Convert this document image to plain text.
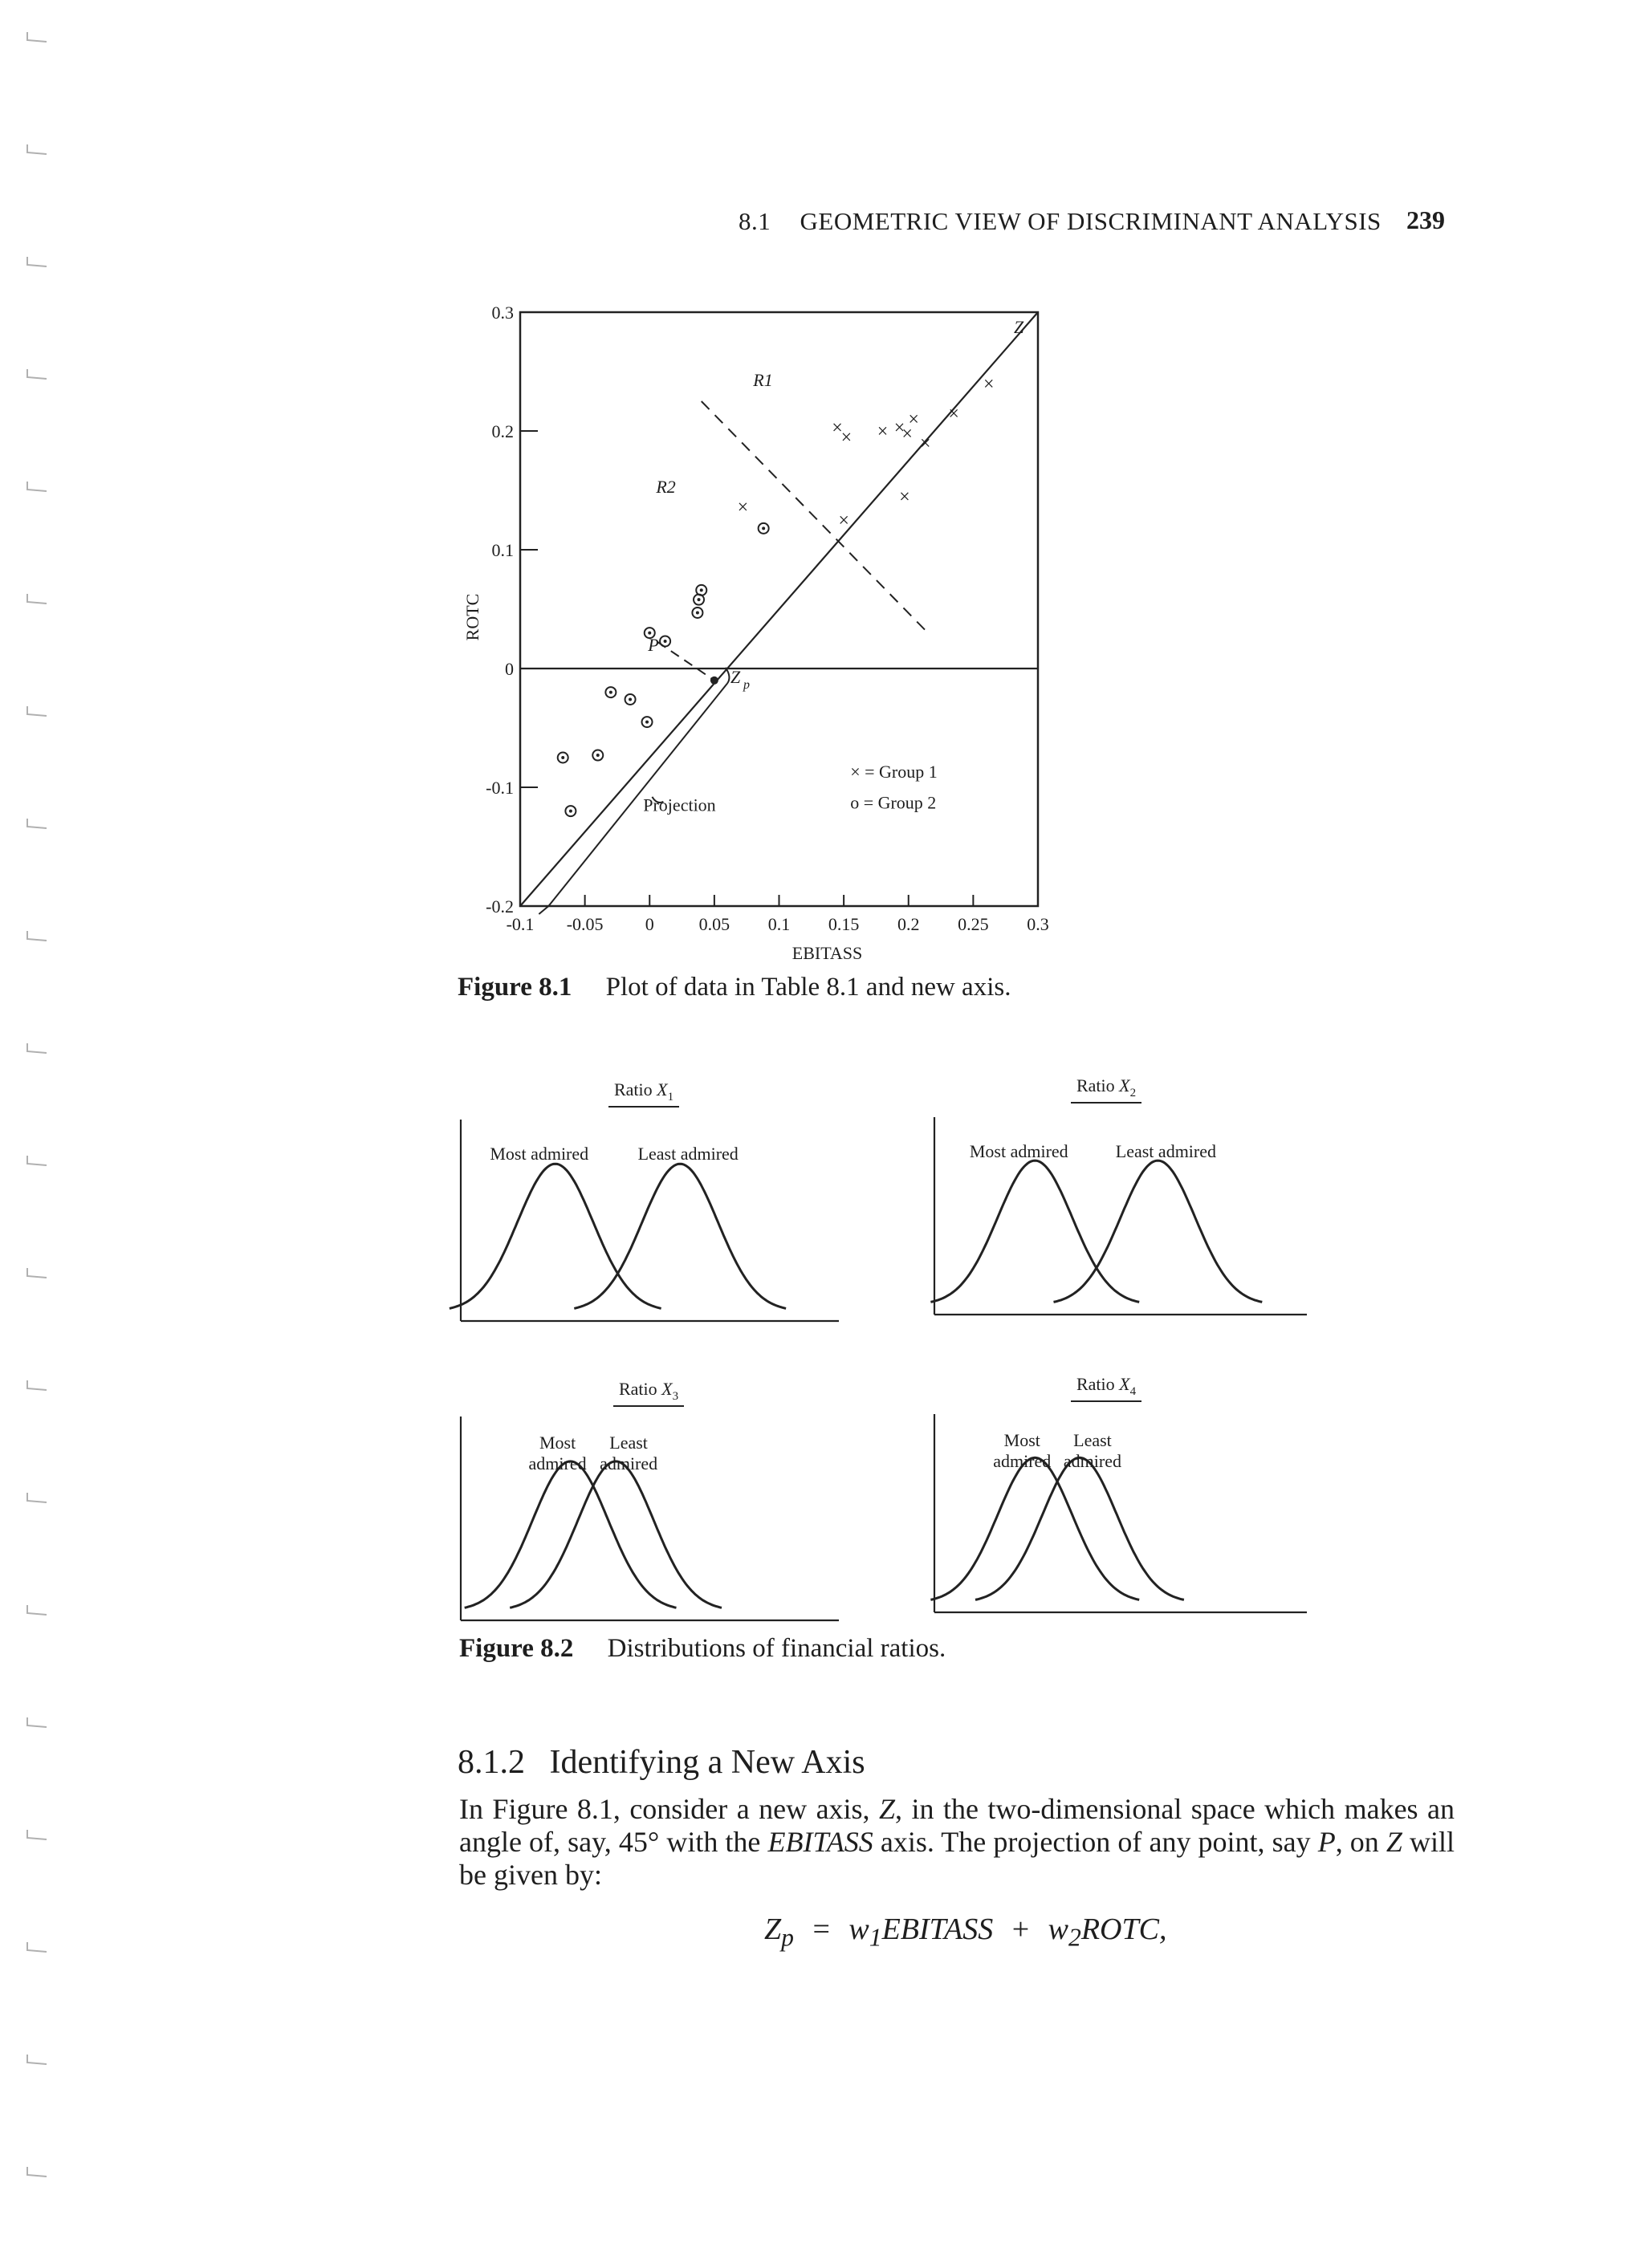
8.1 GEOMETRIC VIEW OF DISCRIMINANT ANALYSIS 239
-0.1 -0.05 0	0.05 0.1 0.15 0.2 0.25 0.3
-0.2
-0.1
0
0.1
0.2
0.3
EBITASS
ROTC
×
×
× × ×
×
×
×
×
×
×
×
Z
R1
R2
P
Z p
Projection
× = Group 1
o = Group 2
Figure 8.1 Plot of data in Table 8.1 and new axis.
Ratio $X_1$
Most admired	Least admired
Ratio $X_2$
Most admired	Least admired
Ratio $X_3$
Most
admired
Least
admired
Ratio $X_4$
Most
admired
Least
admired
Figure 8.2 Distributions of financial ratios.
8.1.2 Identifying a New Axis
In Figure 8.1, consider a new axis, Z, in the two-dimensional space which makes an angle of, say, 45° with the EBITASS axis. The projection of any point, say P, on Z will be given by:
$Z_p$ = $w_1EBITASS$ + $w_2ROTC$,
